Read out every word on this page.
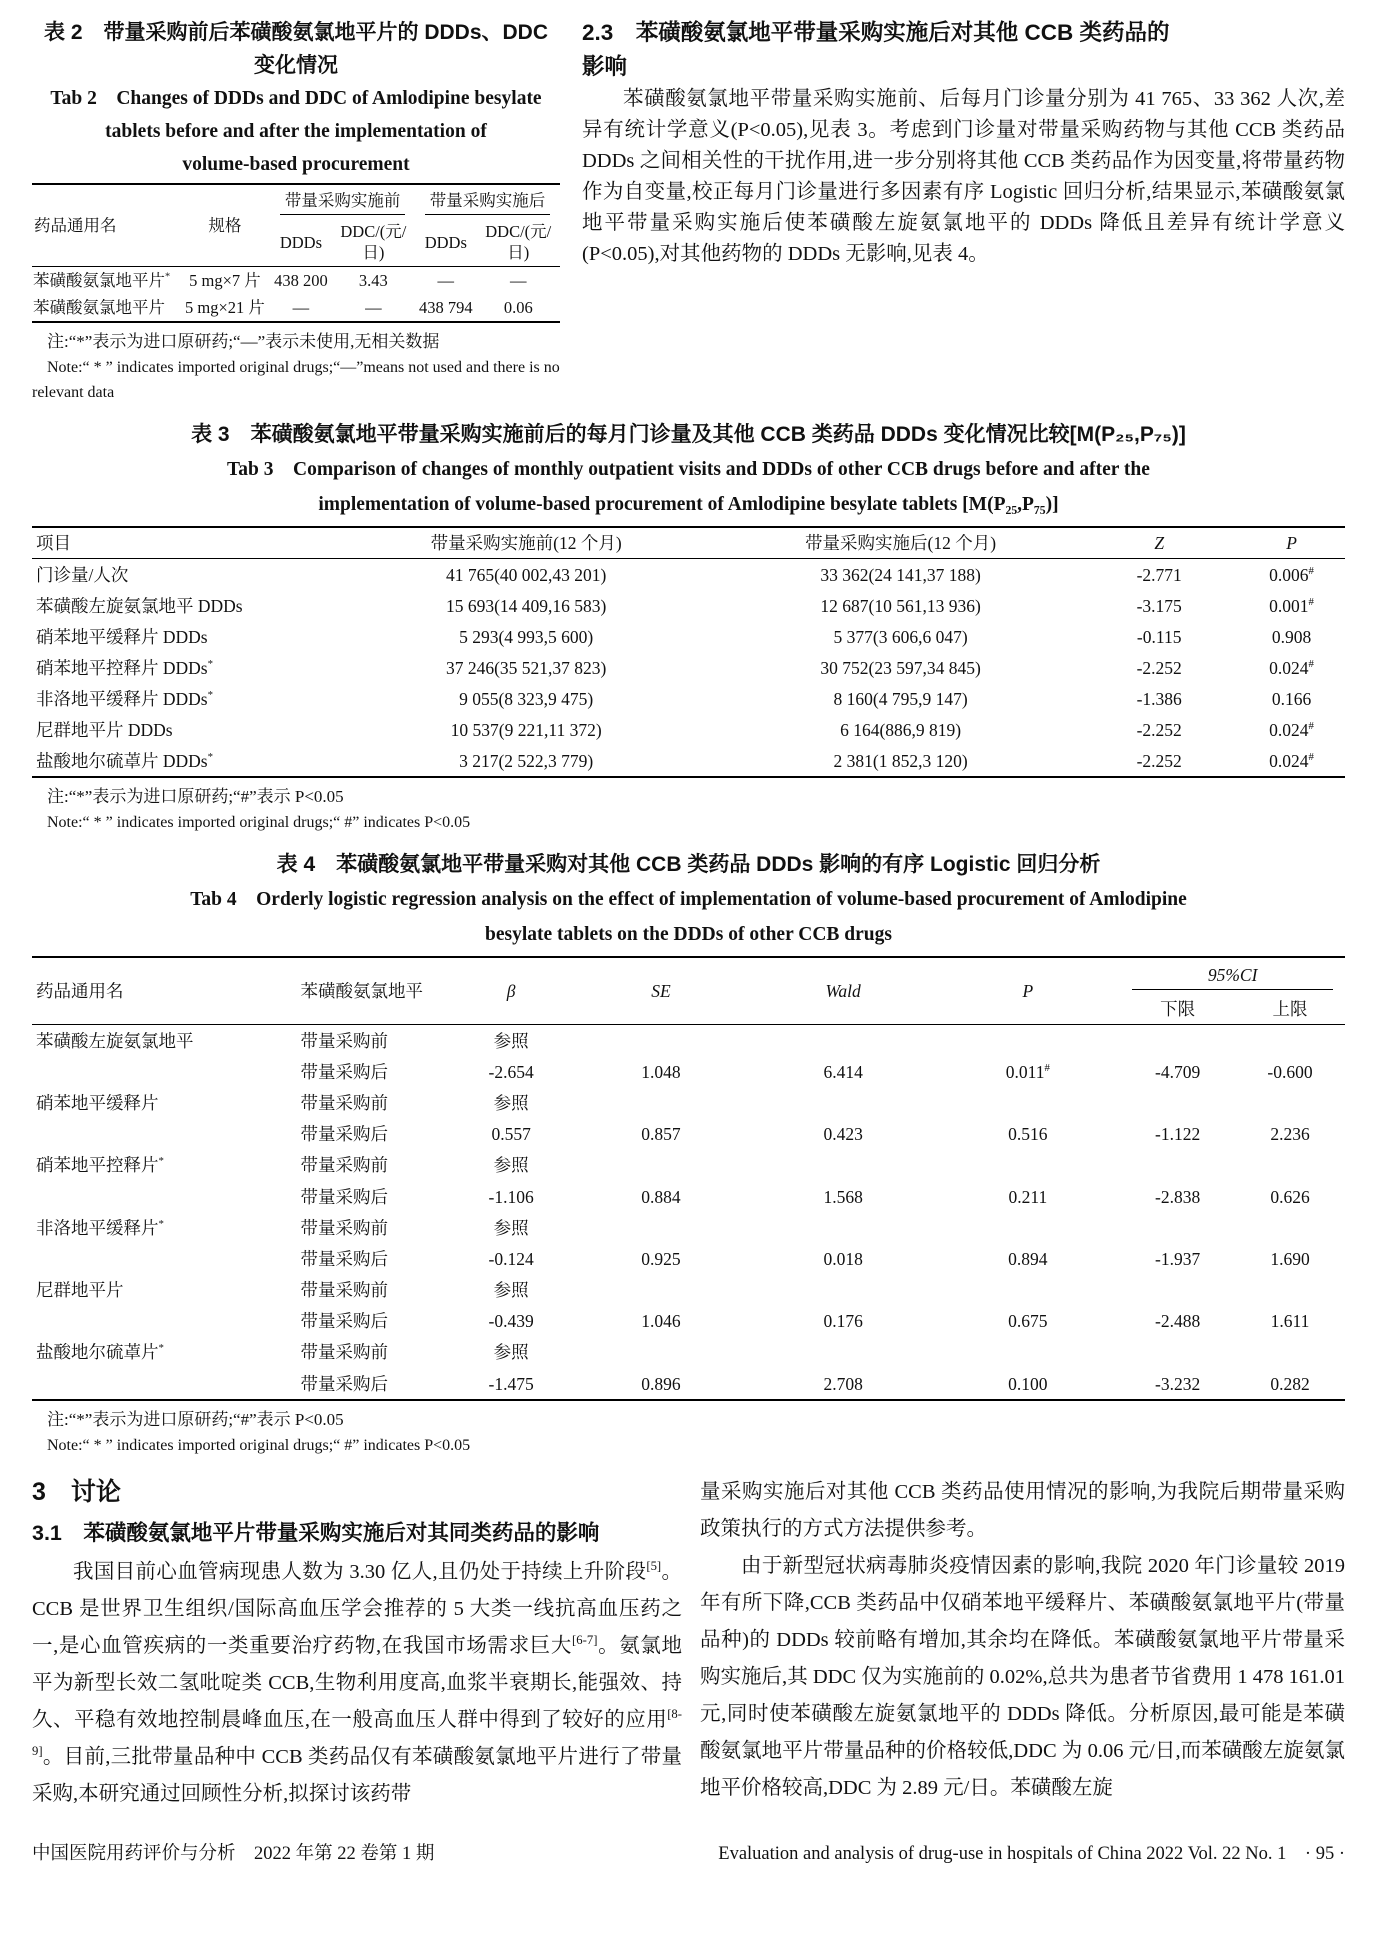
表 2　带量采购前后苯磺酸氨氯地平片的 DDDs、DDC
变化情况
Tab 2　Changes of DDDs and DDC of Amlodipine besylate
tablets before and after the implementation of
volume-based procurement
药品通用名	规格	带量采购实施前		带量采购实施后	

		DDDs	DDC/(元/日)	DDDs	DDC/(元/日)
苯磺酸氨氯地平片*	5 mg×7 片	438 200	3.43	—	—
苯磺酸氨氯地平片	5 mg×21 片	—	—	438 794	0.06
注:“*”表示为进口原研药;“—”表示未使用,无相关数据
Note:“ * ” indicates imported original drugs;“—”means not used and there is no relevant data
2.3　苯磺酸氨氯地平带量采购实施后对其他 CCB 类药品的
影响
苯磺酸氨氯地平带量采购实施前、后每月门诊量分别为 41 765、33 362 人次,差异有统计学意义(P<0.05),见表 3。考虑到门诊量对带量采购药物与其他 CCB 类药品 DDDs 之间相关性的干扰作用,进一步分别将其他 CCB 类药品作为因变量,将带量药物作为自变量,校正每月门诊量进行多因素有序 Logistic 回归分析,结果显示,苯磺酸氨氯地平带量采购实施后使苯磺酸左旋氨氯地平的 DDDs 降低且差异有统计学意义(P<0.05),对其他药物的 DDDs 无影响,见表 4。
表 3　苯磺酸氨氯地平带量采购实施前后的每月门诊量及其他 CCB 类药品 DDDs 变化情况比较[M(P₂₅,P₇₅)]
Tab 3　Comparison of changes of monthly outpatient visits and DDDs of other CCB drugs before and after the
implementation of volume-based procurement of Amlodipine besylate tablets [M(P₂₅,P₇₅)]
项目	带量采购实施前(12 个月)	带量采购实施后(12 个月)	Z	P
门诊量/人次	41 765(40 002,43 201)	33 362(24 141,37 188)	-2.771	0.006#
苯磺酸左旋氨氯地平 DDDs	15 693(14 409,16 583)	12 687(10 561,13 936)	-3.175	0.001#
硝苯地平缓释片 DDDs	5 293(4 993,5 600)	5 377(3 606,6 047)	-0.115	0.908
硝苯地平控释片 DDDs*	37 246(35 521,37 823)	30 752(23 597,34 845)	-2.252	0.024#
非洛地平缓释片 DDDs*	9 055(8 323,9 475)	8 160(4 795,9 147)	-1.386	0.166
尼群地平片 DDDs	10 537(9 221,11 372)	6 164(886,9 819)	-2.252	0.024#
盐酸地尔硫䓬片 DDDs*	3 217(2 522,3 779)	2 381(1 852,3 120)	-2.252	0.024#
注:“*”表示为进口原研药;“#”表示 P<0.05
Note:“ * ” indicates imported original drugs;“ #” indicates P<0.05
表 4　苯磺酸氨氯地平带量采购对其他 CCB 类药品 DDDs 影响的有序 Logistic 回归分析
Tab 4　Orderly logistic regression analysis on the effect of implementation of volume-based procurement of Amlodipine
besylate tablets on the DDDs of other CCB drugs
药品通用名	苯磺酸氨氯地平	β	SE	Wald	P	95%CI	

						下限	上限
苯磺酸左旋氨氯地平	带量采购前	参照					
	带量采购后	-2.654	1.048	6.414	0.011#	-4.709	-0.600
硝苯地平缓释片	带量采购前	参照					
	带量采购后	0.557	0.857	0.423	0.516	-1.122	2.236
硝苯地平控释片*	带量采购前	参照					
	带量采购后	-1.106	0.884	1.568	0.211	-2.838	0.626
非洛地平缓释片*	带量采购前	参照					
	带量采购后	-0.124	0.925	0.018	0.894	-1.937	1.690
尼群地平片	带量采购前	参照					
	带量采购后	-0.439	1.046	0.176	0.675	-2.488	1.611
盐酸地尔硫䓬片*	带量采购前	参照					
	带量采购后	-1.475	0.896	2.708	0.100	-3.232	0.282
注:“*”表示为进口原研药;“#”表示 P<0.05
Note:“ * ” indicates imported original drugs;“ #” indicates P<0.05
3　讨论
3.1　苯磺酸氨氯地平片带量采购实施后对其同类药品的影响
我国目前心血管病现患人数为 3.30 亿人,且仍处于持续上升阶段[5]。CCB 是世界卫生组织/国际高血压学会推荐的 5 大类一线抗高血压药之一,是心血管疾病的一类重要治疗药物,在我国市场需求巨大[6-7]。氨氯地平为新型长效二氢吡啶类 CCB,生物利用度高,血浆半衰期长,能强效、持久、平稳有效地控制晨峰血压,在一般高血压人群中得到了较好的应用[8-9]。目前,三批带量品种中 CCB 类药品仅有苯磺酸氨氯地平片进行了带量采购,本研究通过回顾性分析,拟探讨该药带
量采购实施后对其他 CCB 类药品使用情况的影响,为我院后期带量采购政策执行的方式方法提供参考。
由于新型冠状病毒肺炎疫情因素的影响,我院 2020 年门诊量较 2019 年有所下降,CCB 类药品中仅硝苯地平缓释片、苯磺酸氨氯地平片(带量品种)的 DDDs 较前略有增加,其余均在降低。苯磺酸氨氯地平片带量采购实施后,其 DDC 仅为实施前的 0.02%,总共为患者节省费用 1 478 161.01 元,同时使苯磺酸左旋氨氯地平的 DDDs 降低。分析原因,最可能是苯磺酸氨氯地平片带量品种的价格较低,DDC 为 0.06 元/日,而苯磺酸左旋氨氯地平价格较高,DDC 为 2.89 元/日。苯磺酸左旋
中国医院用药评价与分析　2022 年第 22 卷第 1 期	Evaluation and analysis of drug-use in hospitals of China 2022 Vol. 22 No. 1　· 95 ·
